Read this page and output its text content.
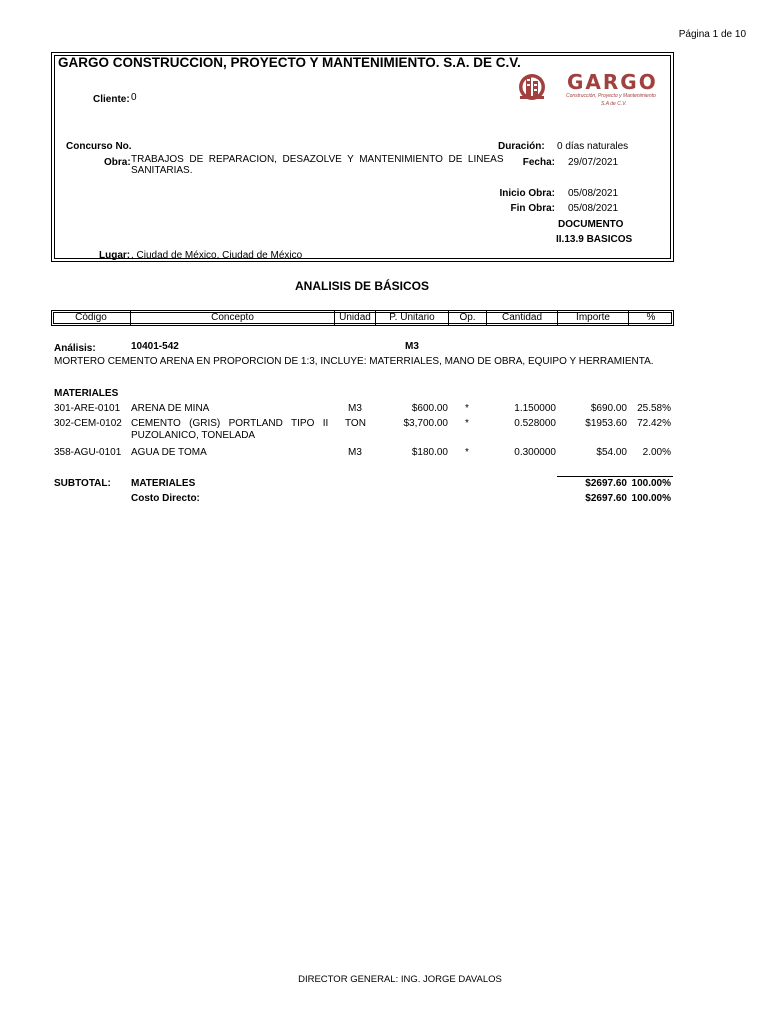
Página 1 de 10
GARGO CONSTRUCCION, PROYECTO Y MANTENIMIENTO. S.A. DE C.V.
GARGO
Construcción, Proyecto y Mantenimiento
S.A de C.V.
Cliente: 0
Concurso No.
Obra: TRABAJOS  DE  REPARACION,  DESAZOLVE  Y  MANTENIMIENTO  DE  LINEAS
SANITARIAS.
Duración: 0 días naturales
Fecha: 29/07/2021
Inicio Obra: 05/08/2021
Fin Obra: 05/08/2021
DOCUMENTO
II.13.9 BASICOS
Lugar: , Ciudad de México, Ciudad de México
ANALISIS DE BÁSICOS
Código	Concepto	Unidad	P. Unitario	Op.	Cantidad	Importe	%
Análisis:	10401-542	M3
MORTERO CEMENTO ARENA EN PROPORCION DE 1:3, INCLUYE: MATERRIALES, MANO DE OBRA, EQUIPO Y HERRAMIENTA.
MATERIALES
301-ARE-0101 ARENA DE MINA	M3	$600.00 *	1.150000	$690.00	25.58%
302-CEM-0102 CEMENTO   (GRIS)   PORTLAND   TIPO   II
PUZOLANICO, TONELADA
TON	$3,700.00 *	0.528000	$1953.60	72.42%
358-AGU-0101 AGUA DE TOMA	M3	$180.00 *	0.300000	$54.00	2.00%
SUBTOTAL: MATERIALES	$2697.60 100.00%
Costo Directo:	$2697.60 100.00%
DIRECTOR GENERAL: ING. JORGE DAVALOS
